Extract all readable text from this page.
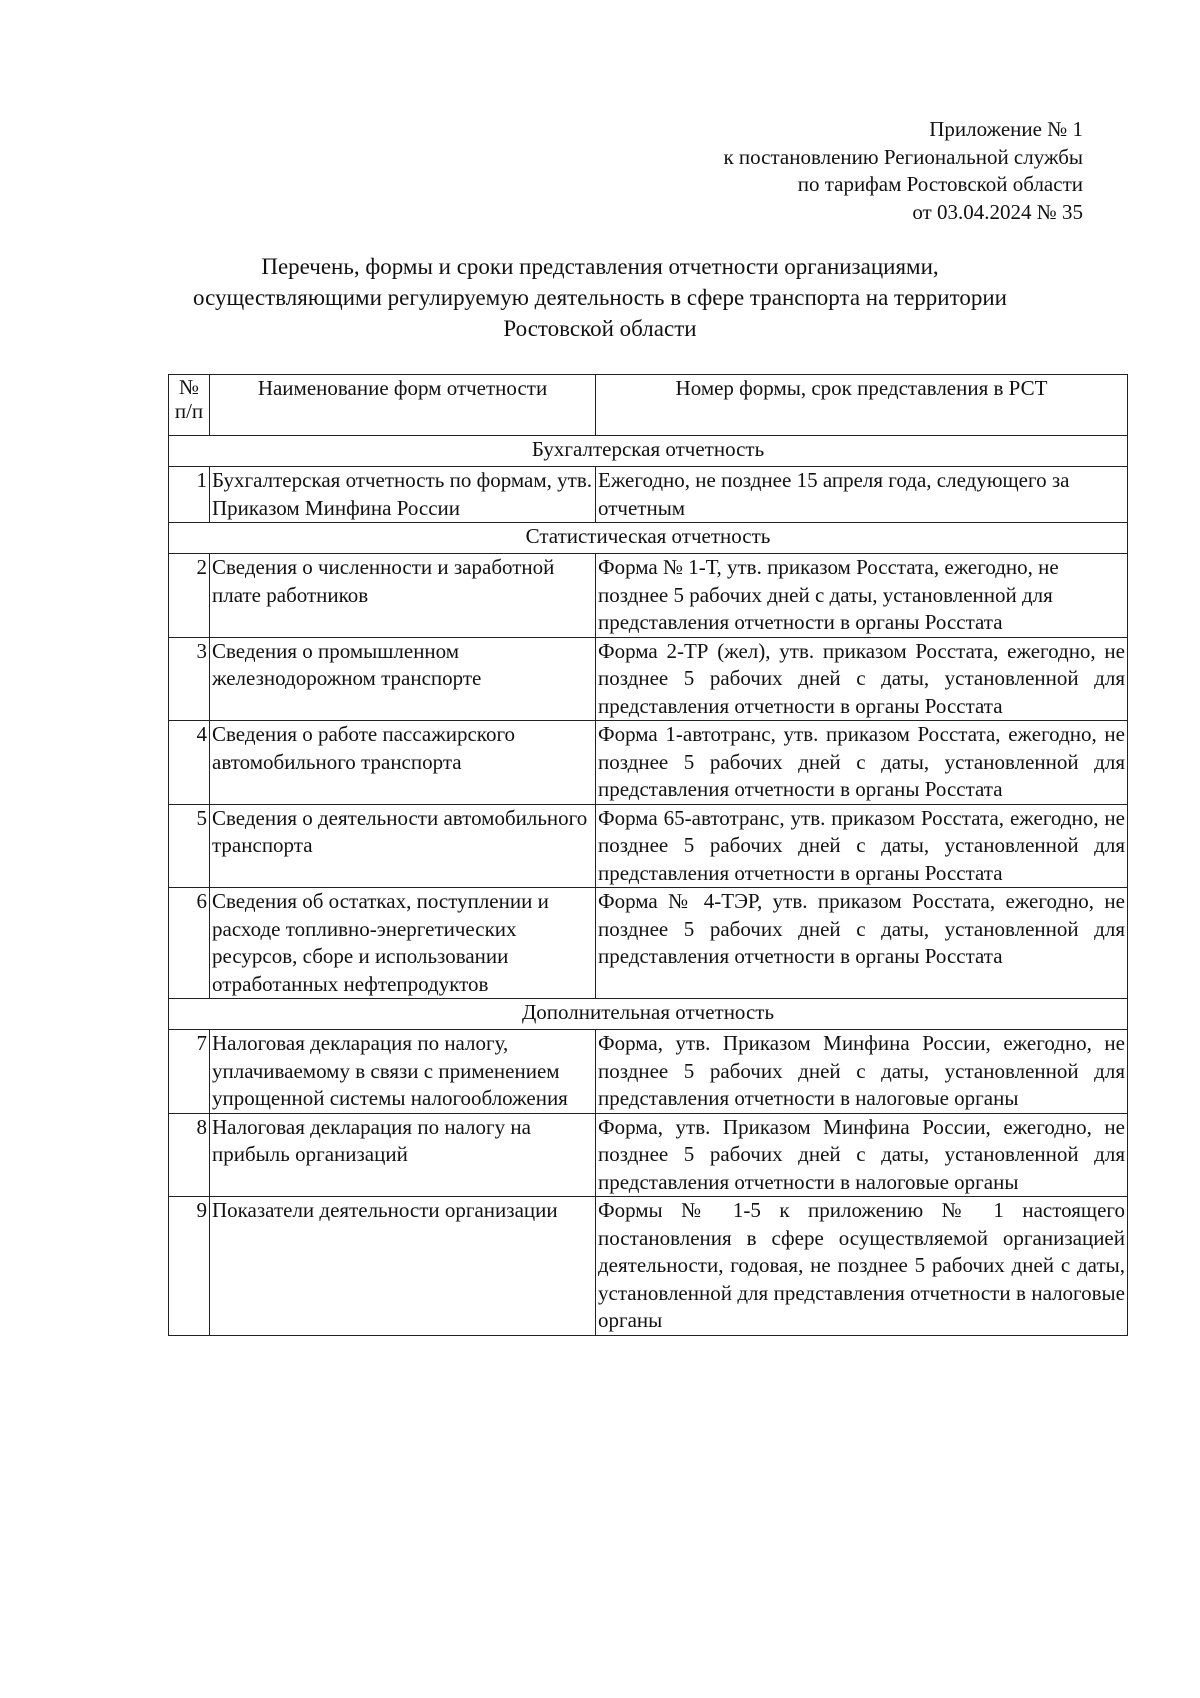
Приложение № 1
к постановлению Региональной службы
по тарифам Ростовской области
от 03.04.2024 № 35
Перечень, формы и сроки представления отчетности организациями,
осуществляющими регулируемую деятельность в сфере транспорта на территории
Ростовской области
№
п/п	Наименование форм отчетности	Номер формы, срок представления в РСТ
Бухгалтерская отчетность		
1	Бухгалтерская отчетность по формам, утв. Приказом Минфина России	Ежегодно, не позднее 15 апреля года, следующего за отчетным
Статистическая отчетность		
2	Сведения о численности и заработной плате работников	Форма № 1-Т, утв. приказом Росстата, ежегодно, не позднее 5 рабочих дней с даты, установленной для представления отчетности в органы Росстата
3	Сведения о промышленном железнодорожном транспорте	Форма 2-ТР (жел), утв. приказом Росстата, ежегодно, не позднее 5 рабочих дней с даты, установленной для представления отчетности в органы Росстата
4	Сведения о работе пассажирского автомобильного транспорта	Форма 1-автотранс, утв. приказом Росстата, ежегодно, не позднее 5 рабочих дней с даты, установленной для представления отчетности в органы Росстата
5	Сведения о деятельности автомобильного транспорта	Форма 65-автотранс, утв. приказом Росстата, ежегодно, не позднее 5 рабочих дней с даты, установленной для представления отчетности в органы Росстата
6	Сведения об остатках, поступлении и расходе топливно-энергетических ресурсов, сборе и использовании отработанных нефтепродуктов	Форма № 4-ТЭР, утв. приказом Росстата, ежегодно, не позднее 5 рабочих дней с даты, установленной для представления отчетности в органы Росстата
Дополнительная отчетность		
7	Налоговая декларация по налогу, уплачиваемому в связи с применением упрощенной системы налогообложения	Форма, утв. Приказом Минфина России, ежегодно, не позднее 5 рабочих дней с даты, установленной для представления отчетности в налоговые органы
8	Налоговая декларация по налогу на прибыль организаций	Форма, утв. Приказом Минфина России, ежегодно, не позднее 5 рабочих дней с даты, установленной для представления отчетности в налоговые органы
9	Показатели деятельности организации	Формы № 1-5 к приложению № 1 настоящего постановления в сфере осуществляемой организацией деятельности, годовая, не позднее 5 рабочих дней с даты, установленной для представления отчетности в налоговые органы
